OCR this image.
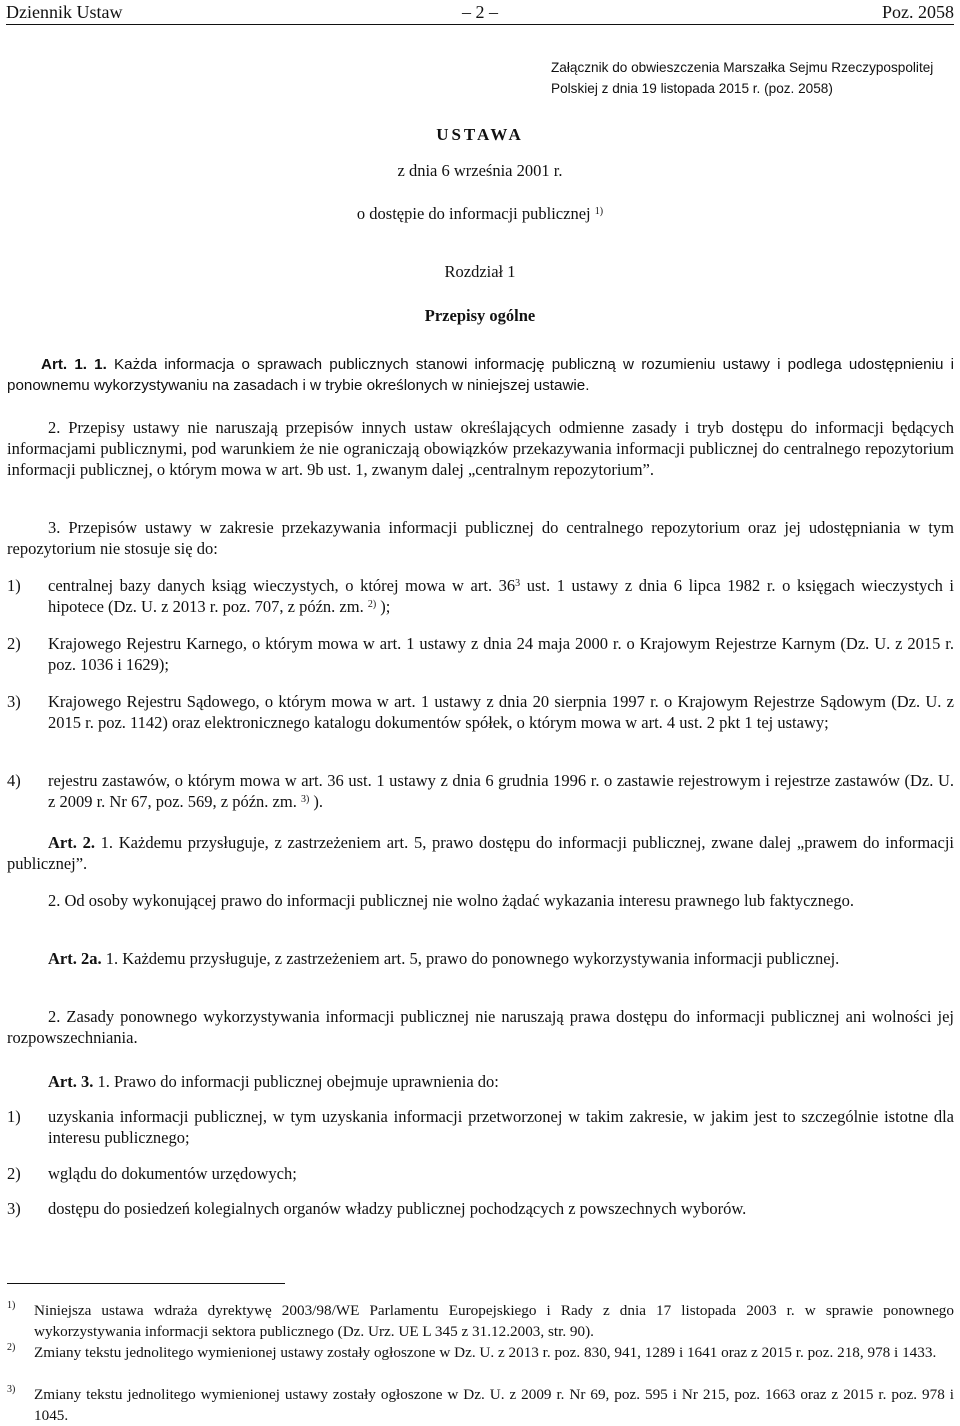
Dziennik Ustaw	– 2 –	Poz. 2058
Załącznik do obwieszczenia Marszałka Sejmu Rzeczypospolitej Polskiej z dnia 19 listopada 2015 r. (poz. 2058)
USTAWA
z dnia 6 września 2001 r.
o dostępie do informacji publicznej $^{1)}$
Rozdział 1
Przepisy ogólne
Art. 1. 1. Każda informacja o sprawach publicznych stanowi informację publiczną w rozumieniu ustawy i podlega udostępnieniu i ponownemu wykorzystywaniu na zasadach i w trybie określonych w niniejszej ustawie.
2. Przepisy ustawy nie naruszają przepisów innych ustaw określających odmienne zasady i tryb dostępu do informacji będących informacjami publicznymi, pod warunkiem że nie ograniczają obowiązków przekazywania informacji publicznej do centralnego repozytorium informacji publicznej, o którym mowa w art. 9b ust. 1, zwanym dalej „centralnym repozytorium”.
3. Przepisów ustawy w zakresie przekazywania informacji publicznej do centralnego repozytorium oraz jej udostępniania w tym repozytorium nie stosuje się do:
1) centralnej bazy danych ksiąg wieczystych, o której mowa w art. $36^3$ ust. 1 ustawy z dnia 6 lipca 1982 r. o księgach wieczystych i hipotece (Dz. U. z 2013 r. poz. 707, z późn. zm. $^{2)}$ );
2) Krajowego Rejestru Karnego, o którym mowa w art. 1 ustawy z dnia 24 maja 2000 r. o Krajowym Rejestrze Karnym (Dz. U. z 2015 r. poz. 1036 i 1629);
3) Krajowego Rejestru Sądowego, o którym mowa w art. 1 ustawy z dnia 20 sierpnia 1997 r. o Krajowym Rejestrze Sądowym (Dz. U. z 2015 r. poz. 1142) oraz elektronicznego katalogu dokumentów spółek, o którym mowa w art. 4 ust. 2 pkt 1 tej ustawy;
4) rejestru zastawów, o którym mowa w art. 36 ust. 1 ustawy z dnia 6 grudnia 1996 r. o zastawie rejestrowym i rejestrze zastawów (Dz. U. z 2009 r. Nr 67, poz. 569, z późn. zm. $^{3)}$ ).
Art. 2. 1. Każdemu przysługuje, z zastrzeżeniem art. 5, prawo dostępu do informacji publicznej, zwane dalej „prawem do informacji publicznej”.
2. Od osoby wykonującej prawo do informacji publicznej nie wolno żądać wykazania interesu prawnego lub faktycznego.
Art. 2a. 1. Każdemu przysługuje, z zastrzeżeniem art. 5, prawo do ponownego wykorzystywania informacji publicznej.
2. Zasady ponownego wykorzystywania informacji publicznej nie naruszają prawa dostępu do informacji publicznej ani wolności jej rozpowszechniania.
Art. 3. 1. Prawo do informacji publicznej obejmuje uprawnienia do:
1) uzyskania informacji publicznej, w tym uzyskania informacji przetworzonej w takim zakresie, w jakim jest to szczególnie istotne dla interesu publicznego;
2) wglądu do dokumentów urzędowych;
3) dostępu do posiedzeń kolegialnych organów władzy publicznej pochodzących z powszechnych wyborów.
1) Niniejsza ustawa wdraża dyrektywę 2003/98/WE Parlamentu Europejskiego i Rady z dnia 17 listopada 2003 r. w sprawie ponownego wykorzystywania informacji sektora publicznego (Dz. Urz. UE L 345 z 31.12.2003, str. 90).
2) Zmiany tekstu jednolitego wymienionej ustawy zostały ogłoszone w Dz. U. z 2013 r. poz. 830, 941, 1289 i 1641 oraz z 2015 r. poz. 218, 978 i 1433.
3) Zmiany tekstu jednolitego wymienionej ustawy zostały ogłoszone w Dz. U. z 2009 r. Nr 69, poz. 595 i Nr 215, poz. 1663 oraz z 2015 r. poz. 978 i 1045.
